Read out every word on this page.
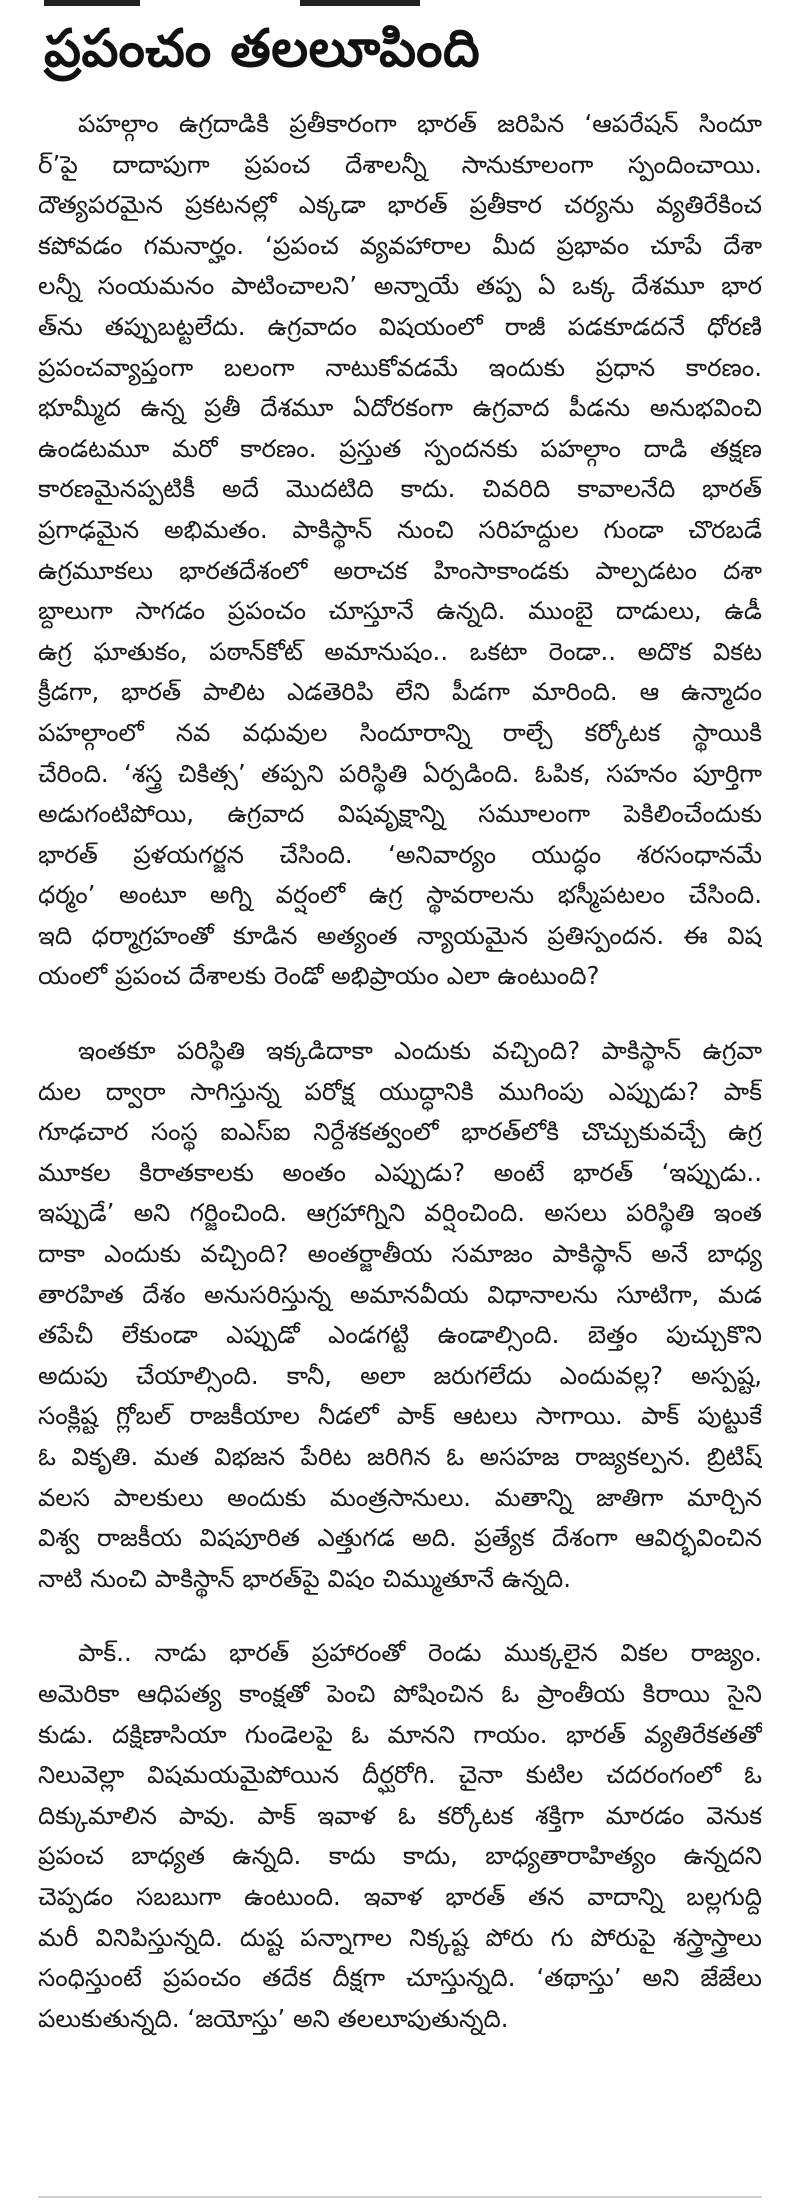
ప్రపంచం తలలూపింది
పహల్గాం ఉగ్రదాడికి ప్రతీకారంగా భారత్ జరిపిన ‘ఆపరేషన్ సిందూ
ర్’పై దాదాపుగా ప్రపంచ దేశాలన్నీ సానుకూలంగా స్పందించాయి.
దౌత్యపరమైన ప్రకటనల్లో ఎక్కడా భారత్ ప్రతీకార చర్యను వ్యతిరేకించ
కపోవడం గమనార్హం. ‘ప్రపంచ వ్యవహారాల మీద ప్రభావం చూపే దేశా
లన్నీ సంయమనం పాటించాలని’ అన్నాయే తప్ప ఏ ఒక్క దేశమూ భార
త్‌ను తప్పుబట్టలేదు. ఉగ్రవాదం విషయంలో రాజీ పడకూడదనే ధోరణి
ప్రపంచవ్యాప్తంగా బలంగా నాటుకోవడమే ఇందుకు ప్రధాన కారణం.
భూమ్మీద ఉన్న ప్రతీ దేశమూ ఏదోరకంగా ఉగ్రవాద పీడను అనుభవించి
ఉండటమూ మరో కారణం. ప్రస్తుత స్పందనకు పహల్గాం దాడి తక్షణ
కారణమైనప్పటికీ అదే మొదటిది కాదు. చివరిది కావాలనేది భారత్
ప్రగాఢమైన అభిమతం. పాకిస్థాన్ నుంచి సరిహద్దుల గుండా చొరబడే
ఉగ్రమూకలు భారతదేశంలో అరాచక హింసాకాండకు పాల్పడటం దశా
బ్దాలుగా సాగడం ప్రపంచం చూస్తూనే ఉన్నది. ముంబై దాడులు, ఉడీ
ఉగ్ర ఘాతుకం, పఠాన్‌కోట్ అమానుషం.. ఒకటా రెండా.. అదొక వికట
క్రీడగా, భారత్ పాలిట ఎడతెరిపి లేని పీడగా మారింది. ఆ ఉన్మాదం
పహల్గాంలో నవ వధువుల సిందూరాన్ని రాల్చే కర్కోటక స్థాయికి
చేరింది. ‘శస్త్ర చికిత్స’ తప్పని పరిస్థితి ఏర్పడింది. ఓపిక, సహనం పూర్తిగా
అడుగంటిపోయి, ఉగ్రవాద విషవృక్షాన్ని సమూలంగా పెకిలించేందుకు
భారత్ ప్రళయగర్జన చేసింది. ‘అనివార్యం యుద్ధం శరసంధానమే
ధర్మం’ అంటూ అగ్ని వర్షంలో ఉగ్ర స్థావరాలను భస్మీపటలం చేసింది.
ఇది ధర్మాగ్రహంతో కూడిన అత్యంత న్యాయమైన ప్రతిస్పందన. ఈ విష
యంలో ప్రపంచ దేశాలకు రెండో అభిప్రాయం ఎలా ఉంటుంది?
ఇంతకూ పరిస్థితి ఇక్కడిదాకా ఎందుకు వచ్చింది? పాకిస్థాన్ ఉగ్రవా
దుల ద్వారా సాగిస్తున్న పరోక్ష యుద్ధానికి ముగింపు ఎప్పుడు? పాక్
గూఢచార సంస్థ ఐఎస్ఐ నిర్దేశకత్వంలో భారత్‌లోకి చొచ్చుకువచ్చే ఉగ్ర
మూకల కిరాతకాలకు అంతం ఎప్పుడు? అంటే భారత్ ‘ఇప్పుడు..
ఇప్పుడే’ అని గర్జించింది. ఆగ్రహాగ్నిని వర్షించింది. అసలు పరిస్థితి ఇంత
దాకా ఎందుకు వచ్చింది? అంతర్జాతీయ సమాజం పాకిస్థాన్ అనే బాధ్య
తారహిత దేశం అనుసరిస్తున్న అమానవీయ విధానాలను సూటిగా, మడ
తపేచీ లేకుండా ఎప్పుడో ఎండగట్టి ఉండాల్సింది. బెత్తం పుచ్చుకొని
అదుపు చేయాల్సింది. కానీ, అలా జరుగలేదు ఎందువల్ల? అస్పష్ట,
సంక్లిష్ట గ్లోబల్ రాజకీయాల నీడలో పాక్ ఆటలు సాగాయి. పాక్ పుట్టుకే
ఓ వికృతి. మత విభజన పేరిట జరిగిన ఓ అసహజ రాజ్యకల్పన. బ్రిటిష్
వలస పాలకులు అందుకు మంత్రసానులు. మతాన్ని జాతిగా మార్చిన
విశ్వ రాజకీయ విషపూరిత ఎత్తుగడ అది. ప్రత్యేక దేశంగా ఆవిర్భవించిన
నాటి నుంచి పాకిస్థాన్ భారత్‌పై విషం చిమ్ముతూనే ఉన్నది.
పాక్.. నాడు భారత్ ప్రహారంతో రెండు ముక్కలైన వికల రాజ్యం.
అమెరికా ఆధిపత్య కాంక్షతో పెంచి పోషించిన ఓ ప్రాంతీయ కిరాయి సైని
కుడు. దక్షిణాసియా గుండెలపై ఓ మానని గాయం. భారత్ వ్యతిరేకతతో
నిలువెల్లా విషమయమైపోయిన దీర్ఘరోగి. చైనా కుటిల చదరంగంలో ఓ
దిక్కుమాలిన పావు. పాక్ ఇవాళ ఓ కర్కోటక శక్తిగా మారడం వెనుక
ప్రపంచ బాధ్యత ఉన్నది. కాదు కాదు, బాధ్యతారాహిత్యం ఉన్నదని
చెప్పడం సబబుగా ఉంటుంది. ఇవాళ భారత్ తన వాదాన్ని బల్లగుద్ది
మరీ వినిపిస్తున్నది. దుష్ట పన్నాగాల నిక్కష్ట పోరు గు పోరుపై శస్త్రాస్త్రాలు
సంధిస్తుంటే ప్రపంచం తదేక దీక్షగా చూస్తున్నది. ‘తథాస్తు’ అని జేజేలు
పలుకుతున్నది. ‘జయోస్తు’ అని తలలూపుతున్నది.
